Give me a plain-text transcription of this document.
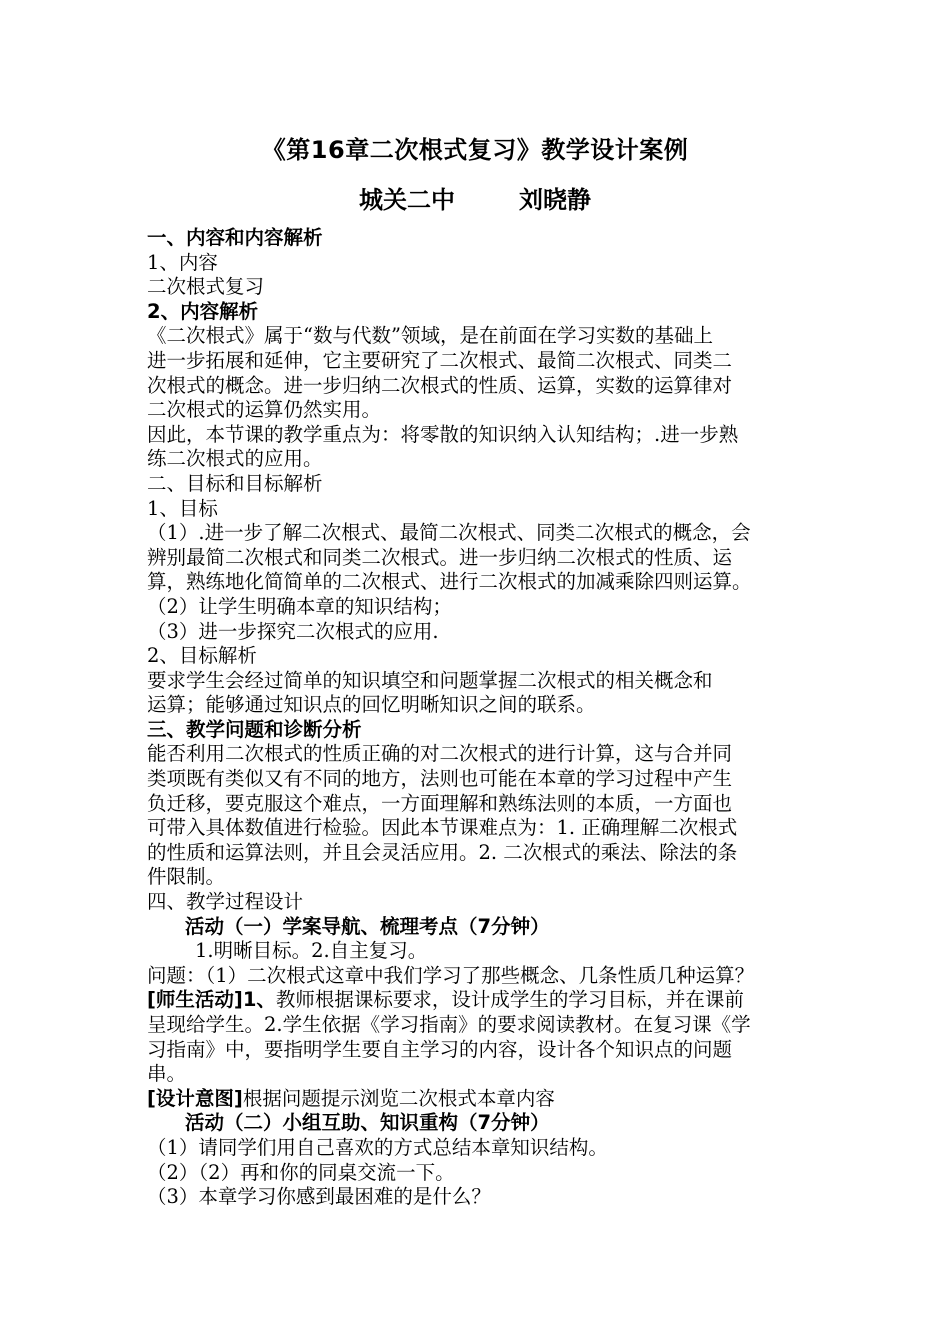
《第16章二次根式复习》教学设计案例
城关二中	刘晓静
一、内容和内容解析
1、内容
二次根式复习
2、内容解析
《二次根式》属于“数与代数”领域，是在前面在学习实数的基础上
进一步拓展和延伸，它主要研究了二次根式、最简二次根式、同类二
次根式的概念。进一步归纳二次根式的性质、运算，实数的运算律对
二次根式的运算仍然实用。
因此，本节课的教学重点为：将零散的知识纳入认知结构；.进一步熟
练二次根式的应用。
二、目标和目标解析
1、目标
（1）.进一步了解二次根式、最简二次根式、同类二次根式的概念，会
辨别最简二次根式和同类二次根式。进一步归纳二次根式的性质、运
算，熟练地化简简单的二次根式、进行二次根式的加减乘除四则运算。
（2）让学生明确本章的知识结构；
（3）进一步探究二次根式的应用.
2、目标解析
要求学生会经过简单的知识填空和问题掌握二次根式的相关概念和
运算；能够通过知识点的回忆明晰知识之间的联系。
三、教学问题和诊断分析
能否利用二次根式的性质正确的对二次根式的进行计算，这与合并同
类项既有类似又有不同的地方，法则也可能在本章的学习过程中产生
负迁移，要克服这个难点，一方面理解和熟练法则的本质，一方面也
可带入具体数值进行检验。因此本节课难点为：1. 正确理解二次根式
的性质和运算法则，并且会灵活应用。2. 二次根式的乘法、除法的条
件限制。
四、教学过程设计
活动（一）学案导航、梳理考点（7分钟）
1.明晰目标。2.自主复习。
问题：（1）二次根式这章中我们学习了那些概念、几条性质几种运算？
[师生活动]1、教师根据课标要求，设计成学生的学习目标，并在课前
呈现给学生。2.学生依据《学习指南》的要求阅读教材。在复习课《学
习指南》中，要指明学生要自主学习的内容，设计各个知识点的问题
串。
[设计意图]根据问题提示浏览二次根式本章内容
活动（二）小组互助、知识重构（7分钟）
（1）请同学们用自己喜欢的方式总结本章知识结构。
（2）（2）再和你的同桌交流一下。
（3）本章学习你感到最困难的是什么？
